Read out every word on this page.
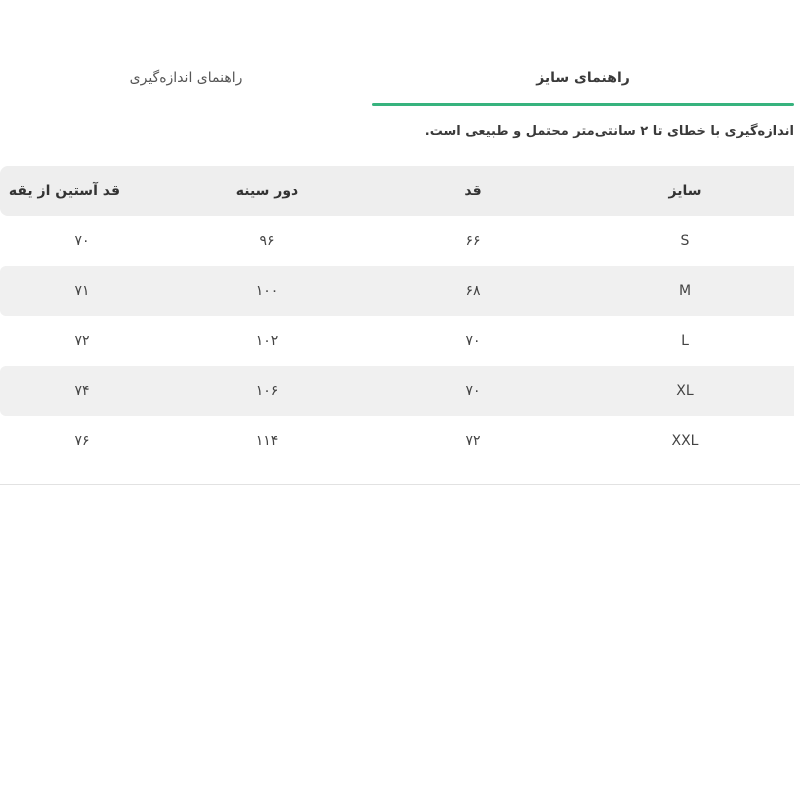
راهنمای سایز
راهنمای اندازه‌گیری
اندازه‌گیری با خطای تا ۲ سانتی‌متر محتمل و طبیعی است.
سایز
قد
دور سینه
قد آستین از یقه
S
۶۶
۹۶
۷۰
M
۶۸
۱۰۰
۷۱
L
۷۰
۱۰۲
۷۲
XL
۷۰
۱۰۶
۷۴
XXL
۷۲
۱۱۴
۷۶
